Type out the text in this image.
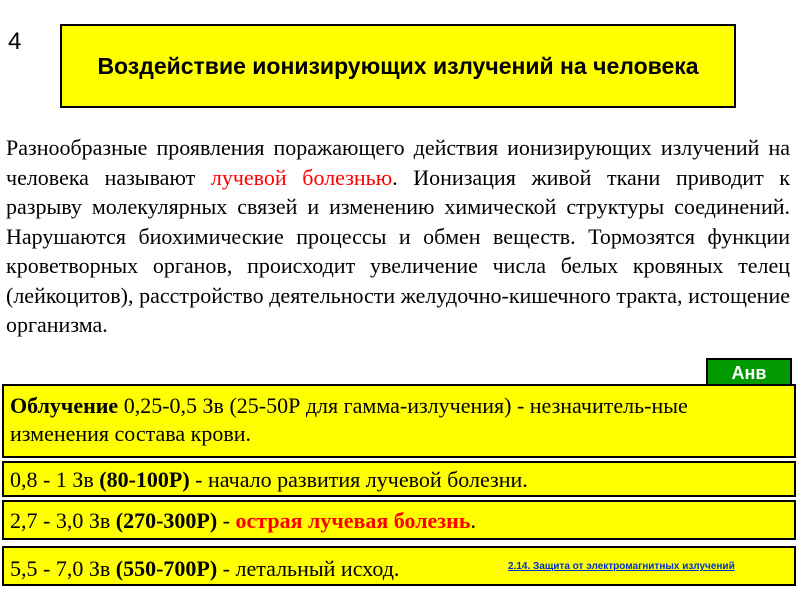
4
Воздействие ионизирующих излучений на человека
Разнообразные проявления поражающего действия ионизирующих излучений на человека называют лучевой болезнью. Ионизация живой ткани приводит к разрыву молекулярных связей и изменению химической структуры соединений. Нарушаются биохимические процессы и обмен веществ. Тормозятся функции кроветворных органов, происходит увеличение числа белых кровяных телец (лейкоцитов), расстройство деятельности желудочно-кишечного тракта, истощение организма.
Анв
Облучение 0,25-0,5 Зв (25-50Р для гамма-излучения) - незначитель-ные изменения состава крови.
0,8 - 1 Зв (80-100Р) - начало развития лучевой болезни.
2,7 - 3,0 Зв (270-300Р) - острая лучевая болезнь.
5,5 - 7,0 Зв (550-700Р) - летальный исход.	2.14. Защита от электромагнитных излучений
